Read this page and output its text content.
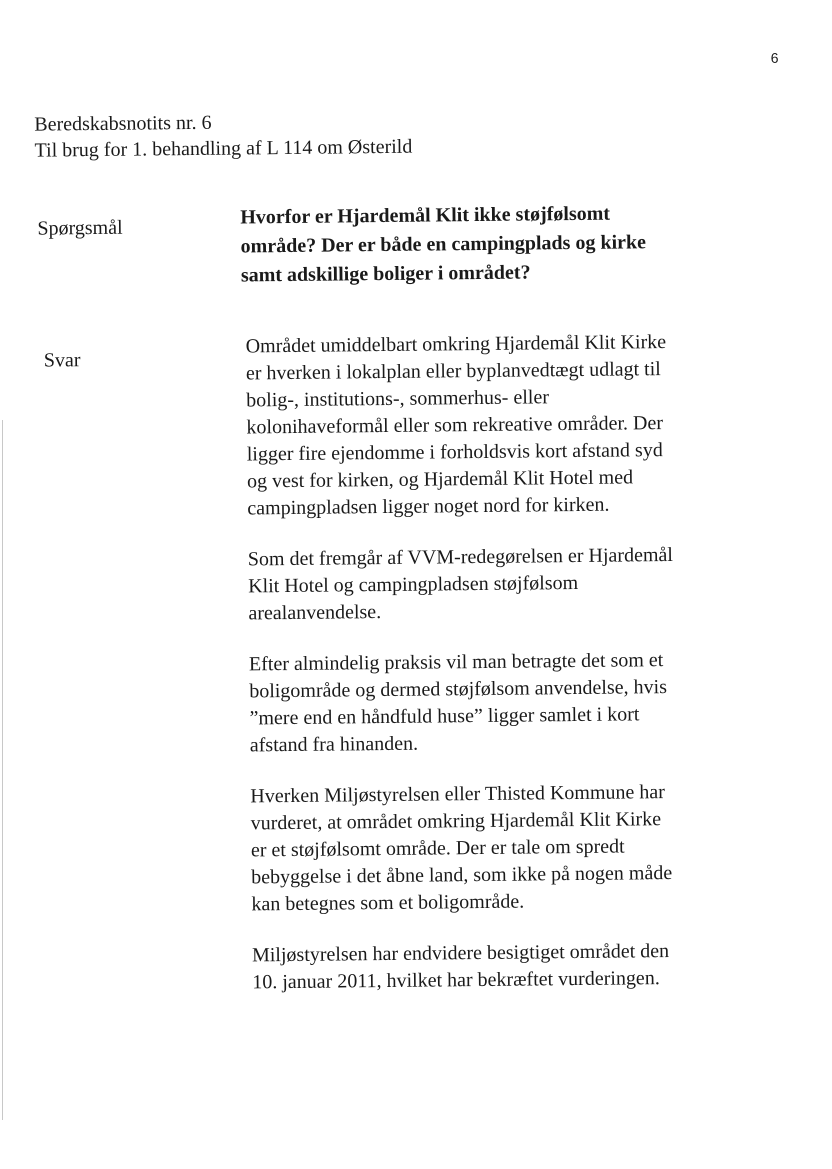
6
Beredskabsnotits nr. 6
Til brug for 1. behandling af L 114 om Østerild
Spørgsmål	Hvorfor er Hjardemål Klit ikke støjfølsomt
område? Der er både en campingplads og kirke
samt adskillige boliger i området?
Svar

Området umiddelbart omkring Hjardemål Klit Kirke
er hverken i lokalplan eller byplanvedtægt udlagt til
bolig-, institutions-, sommerhus- eller
kolonihaveformål eller som rekreative områder. Der
ligger fire ejendomme i forholdsvis kort afstand syd
og vest for kirken, og Hjardemål Klit Hotel med
campingpladsen ligger noget nord for kirken.

Som det fremgår af VVM-redegørelsen er Hjardemål
Klit Hotel og campingpladsen støjfølsom
arealanvendelse.

Efter almindelig praksis vil man betragte det som et
boligområde og dermed støjfølsom anvendelse, hvis
”mere end en håndfuld huse” ligger samlet i kort
afstand fra hinanden.

Hverken Miljøstyrelsen eller Thisted Kommune har
vurderet, at området omkring Hjardemål Klit Kirke
er et støjfølsomt område. Der er tale om spredt
bebyggelse i det åbne land, som ikke på nogen måde
kan betegnes som et boligområde.

Miljøstyrelsen har endvidere besigtiget området den
10. januar 2011, hvilket har bekræftet vurderingen.
